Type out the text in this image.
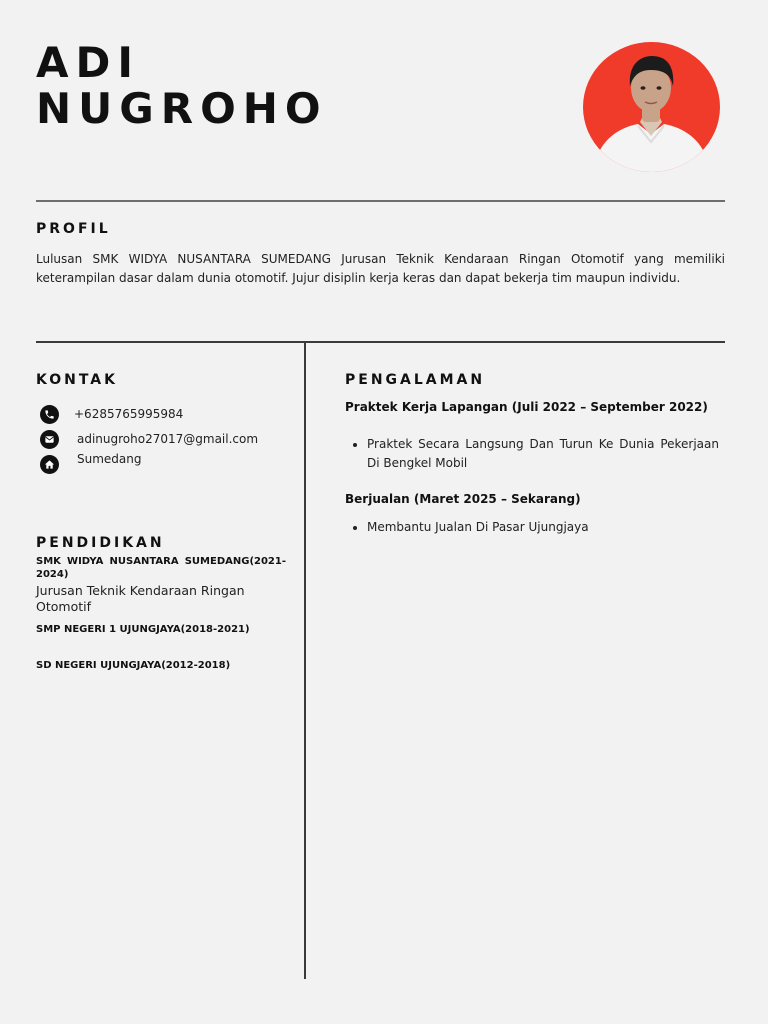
ADI
NUGROHO
PROFIL

Lulusan SMK WIDYA NUSANTARA SUMEDANG Jurusan Teknik Kendaraan Ringan Otomotif yang memiliki keterampilan dasar dalam dunia otomotif. Jujur disiplin kerja keras dan dapat bekerja tim maupun individu.

KONTAK
+6285765995984
adinugroho27017@gmail.com
Sumedang
PENDIDIKAN

SMK WIDYA NUSANTARA SUMEDANG(2021-2024)

Jurusan Teknik Kendaraan Ringan Otomotif

SMP NEGERI 1 UJUNGJAYA(2018-2021)

SD NEGERI UJUNGJAYA(2012-2018)

PENGALAMAN

Praktek Kerja Lapangan (Juli 2022 – September 2022)

• Praktek Secara Langsung Dan Turun Ke Dunia Pekerjaan Di Bengkel Mobil

Berjualan (Maret 2025 – Sekarang)

• Membantu Jualan Di Pasar Ujungjaya
